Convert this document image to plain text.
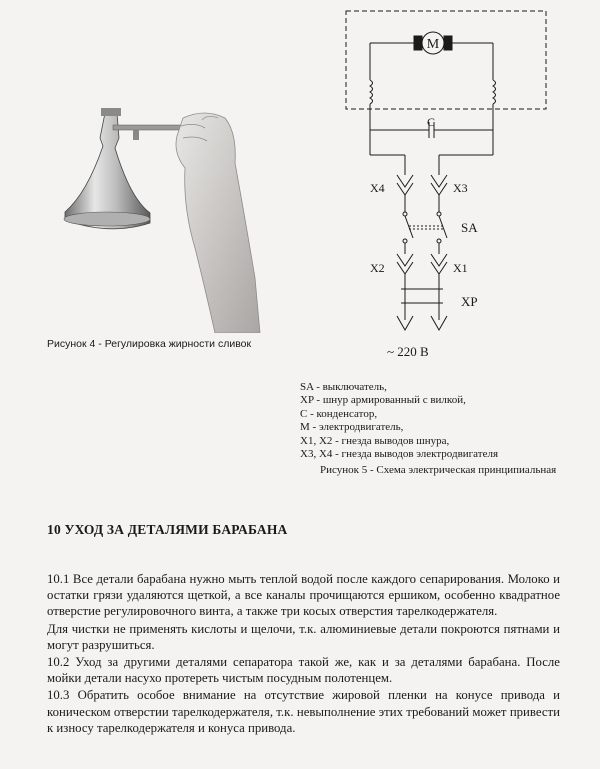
M
C
X4	X3
SA
X2	X1
XP
Рисунок 4 - Регулировка жирности сливок	~ 220 В
SA - выключатель,
XP - шнур армированный с вилкой,
C - конденсатор,
M - электродвигатель,
X1, X2 - гнезда выводов шнура,
X3, X4 - гнезда выводов электродвигателя
Рисунок 5 - Схема электрическая принципиальная
10 УХОД ЗА ДЕТАЛЯМИ БАРАБАНА

10.1 Все детали барабана нужно мыть теплой водой после каждого сепарирования. Молоко и остатки грязи удаляются щеткой, а все каналы прочищаются ершиком, особенно квадратное отверстие регулировочного винта, а также три косых отверстия тарелкодержателя.

Для чистки не применять кислоты и щелочи, т.к. алюминиевые детали покроются пятнами и могут разрушиться.

10.2 Уход за другими деталями сепаратора такой же, как и за деталями барабана. После мойки детали насухо протереть чистым посудным полотенцем.

10.3 Обратить особое внимание на отсутствие жировой пленки на конусе привода и коническом отверстии тарелкодержателя, т.к. невыполнение этих требований может привести к износу тарелкодержателя и конуса привода.
